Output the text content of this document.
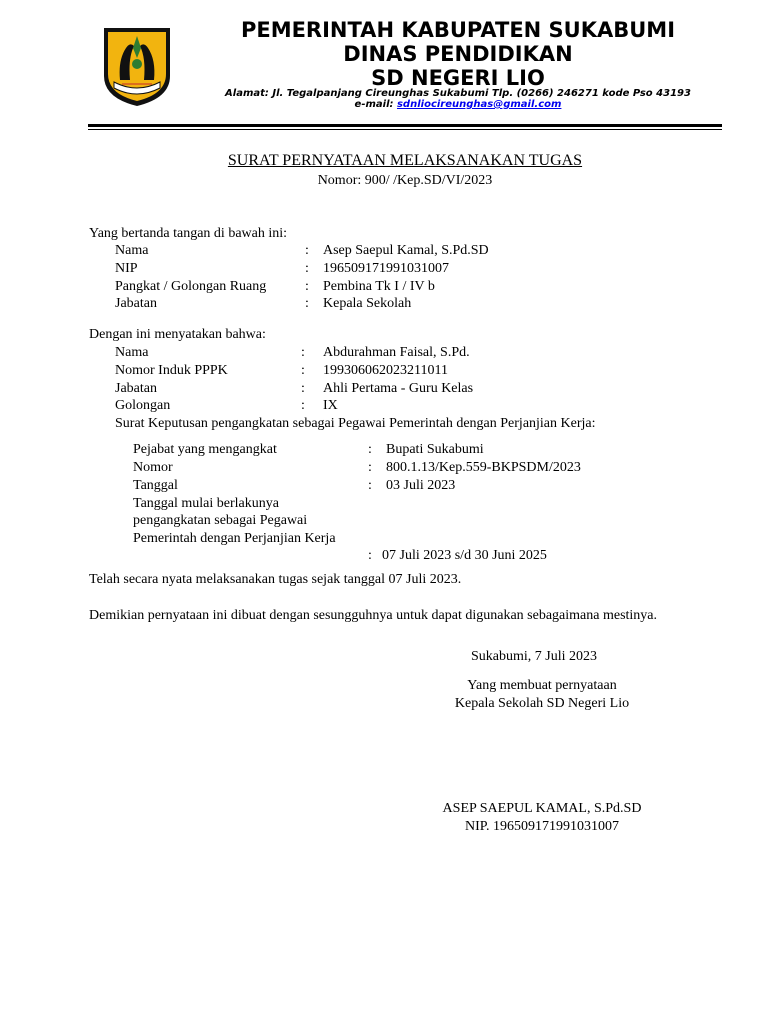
PEMERINTAH KABUPATEN SUKABUMI
DINAS PENDIDIKAN
SD NEGERI LIO
Alamat: Jl. Tegalpanjang Cireunghas Sukabumi Tlp. (0266) 246271 kode Pso 43193
e-mail: sdnliocireunghas@gmail.com
SURAT PERNYATAAN MELAKSANAKAN TUGAS
Nomor: 900/ /Kep.SD/VI/2023
Yang bertanda tangan di bawah ini:
Nama	: Asep Saepul Kamal, S.Pd.SD
NIP	: 196509171991031007
Pangkat / Golongan Ruang	: Pembina Tk I / IV b
Jabatan	: Kepala Sekolah
Dengan ini menyatakan bahwa:
Nama	: Abdurahman Faisal, S.Pd.
Nomor Induk PPPK	: 199306062023211011
Jabatan	: Ahli Pertama - Guru Kelas
Golongan	: IX
Surat Keputusan pengangkatan sebagai Pegawai Pemerintah dengan Perjanjian Kerja:
Pejabat yang mengangkat	: Bupati Sukabumi
Nomor	: 800.1.13/Kep.559-BKPSDM/2023
Tanggal	: 03 Juli 2023
Tanggal mulai berlakunya
pengangkatan sebagai Pegawai
Pemerintah dengan Perjanjian Kerja
: 07 Juli 2023 s/d 30 Juni 2025
Telah secara nyata melaksanakan tugas sejak tanggal 07 Juli 2023.
Demikian pernyataan ini dibuat dengan sesungguhnya untuk dapat digunakan sebagaimana mestinya.
Sukabumi, 7 Juli 2023
Yang membuat pernyataan
Kepala Sekolah SD Negeri Lio
ASEP SAEPUL KAMAL, S.Pd.SD
NIP. 196509171991031007
